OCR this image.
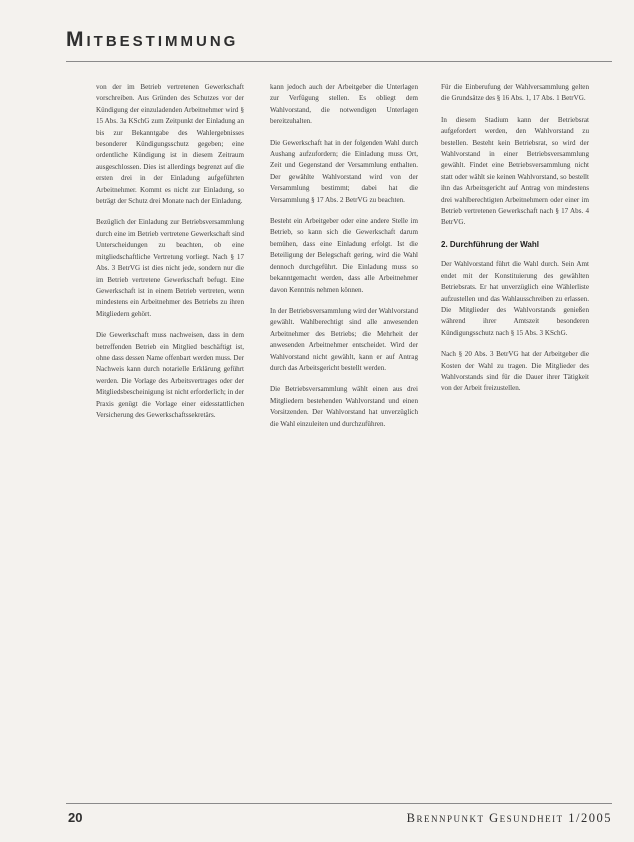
Mitbestimmung

von der im Betrieb vertretenen Gewerkschaft vorschreiben. Aus Gründen des Schutzes vor der Kündigung der einzuladenden Arbeitnehmer wird § 15 Abs. 3a KSchG zum Zeitpunkt der Einladung an bis zur Bekanntgabe des Wahlergebnisses besonderer Kündigungsschutz gegeben; eine ordentliche Kündigung ist in diesem Zeitraum ausgeschlossen. Dies ist allerdings begrenzt auf die ersten drei in der Einladung aufgeführten Arbeitnehmer. Kommt es nicht zur Einladung, so beträgt der Schutz drei Monate nach der Einladung.

Bezüglich der Einladung zur Betriebsversammlung durch eine im Betrieb vertretene Gewerkschaft sind Unterscheidungen zu beachten, ob eine mitgliedschaftliche Vertretung vorliegt. Nach § 17 Abs. 3 BetrVG ist dies nicht jede, sondern nur die im Betrieb vertretene Gewerkschaft befugt. Eine Gewerkschaft ist in einem Betrieb vertreten, wenn mindestens ein Arbeitnehmer des Betriebs zu ihren Mitgliedern gehört.

Die Gewerkschaft muss nachweisen, dass in dem betreffenden Betrieb ein Mitglied beschäftigt ist, ohne dass dessen Name offenbart werden muss. Der Nachweis kann durch notarielle Erklärung geführt werden. Die Vorlage des Arbeitsvertrages oder der Mitgliedsbescheinigung ist nicht erforderlich; in der Praxis genügt die Vorlage einer eidesstattlichen Versicherung des Gewerkschaftssekretärs.

kann jedoch auch der Arbeitgeber die Unterlagen zur Verfügung stellen. Es obliegt dem Wahlvorstand, die notwendigen Unterlagen bereitzuhalten.

Die Gewerkschaft hat in der folgenden Wahl durch Aushang aufzufordern; die Einladung muss Ort, Zeit und Gegenstand der Versammlung enthalten. Der gewählte Wahlvorstand wird von der Versammlung bestimmt; dabei hat die Versammlung § 17 Abs. 2 BetrVG zu beachten.

Besteht ein Arbeitgeber oder eine andere Stelle im Betrieb, so kann sich die Gewerkschaft darum bemühen, dass eine Einladung erfolgt. Ist die Beteiligung der Belegschaft gering, wird die Wahl dennoch durchgeführt. Die Einladung muss so bekanntgemacht werden, dass alle Arbeitnehmer davon Kenntnis nehmen können.

In der Betriebsversammlung wird der Wahlvorstand gewählt. Wahlberechtigt sind alle anwesenden Arbeitnehmer des Betriebs; die Mehrheit der anwesenden Arbeitnehmer entscheidet. Wird der Wahlvorstand nicht gewählt, kann er auf Antrag durch das Arbeitsgericht bestellt werden.

Die Betriebsversammlung wählt einen aus drei Mitgliedern bestehenden Wahlvorstand und einen Vorsitzenden. Der Wahlvorstand hat unverzüglich die Wahl einzuleiten und durchzuführen.

Für die Einberufung der Wahlversammlung gelten die Grundsätze des § 16 Abs. 1, 17 Abs. 1 BetrVG.

In diesem Stadium kann der Betriebsrat aufgefordert werden, den Wahlvorstand zu bestellen. Besteht kein Betriebsrat, so wird der Wahlvorstand in einer Betriebsversammlung gewählt. Findet eine Betriebsversammlung nicht statt oder wählt sie keinen Wahlvorstand, so bestellt ihn das Arbeitsgericht auf Antrag von mindestens drei wahlberechtigten Arbeitnehmern oder einer im Betrieb vertretenen Gewerkschaft nach § 17 Abs. 4 BetrVG.

2. Durchführung der Wahl

Der Wahlvorstand führt die Wahl durch. Sein Amt endet mit der Konstituierung des gewählten Betriebsrats. Er hat unverzüglich eine Wählerliste aufzustellen und das Wahlausschreiben zu erlassen. Die Mitglieder des Wahlvorstands genießen während ihrer Amtszeit besonderen Kündigungsschutz nach § 15 Abs. 3 KSchG.

Nach § 20 Abs. 3 BetrVG hat der Arbeitgeber die Kosten der Wahl zu tragen. Die Mitglieder des Wahlvorstands sind für die Dauer ihrer Tätigkeit von der Arbeit freizustellen.

20	Brennpunkt Gesundheit 1/2005
